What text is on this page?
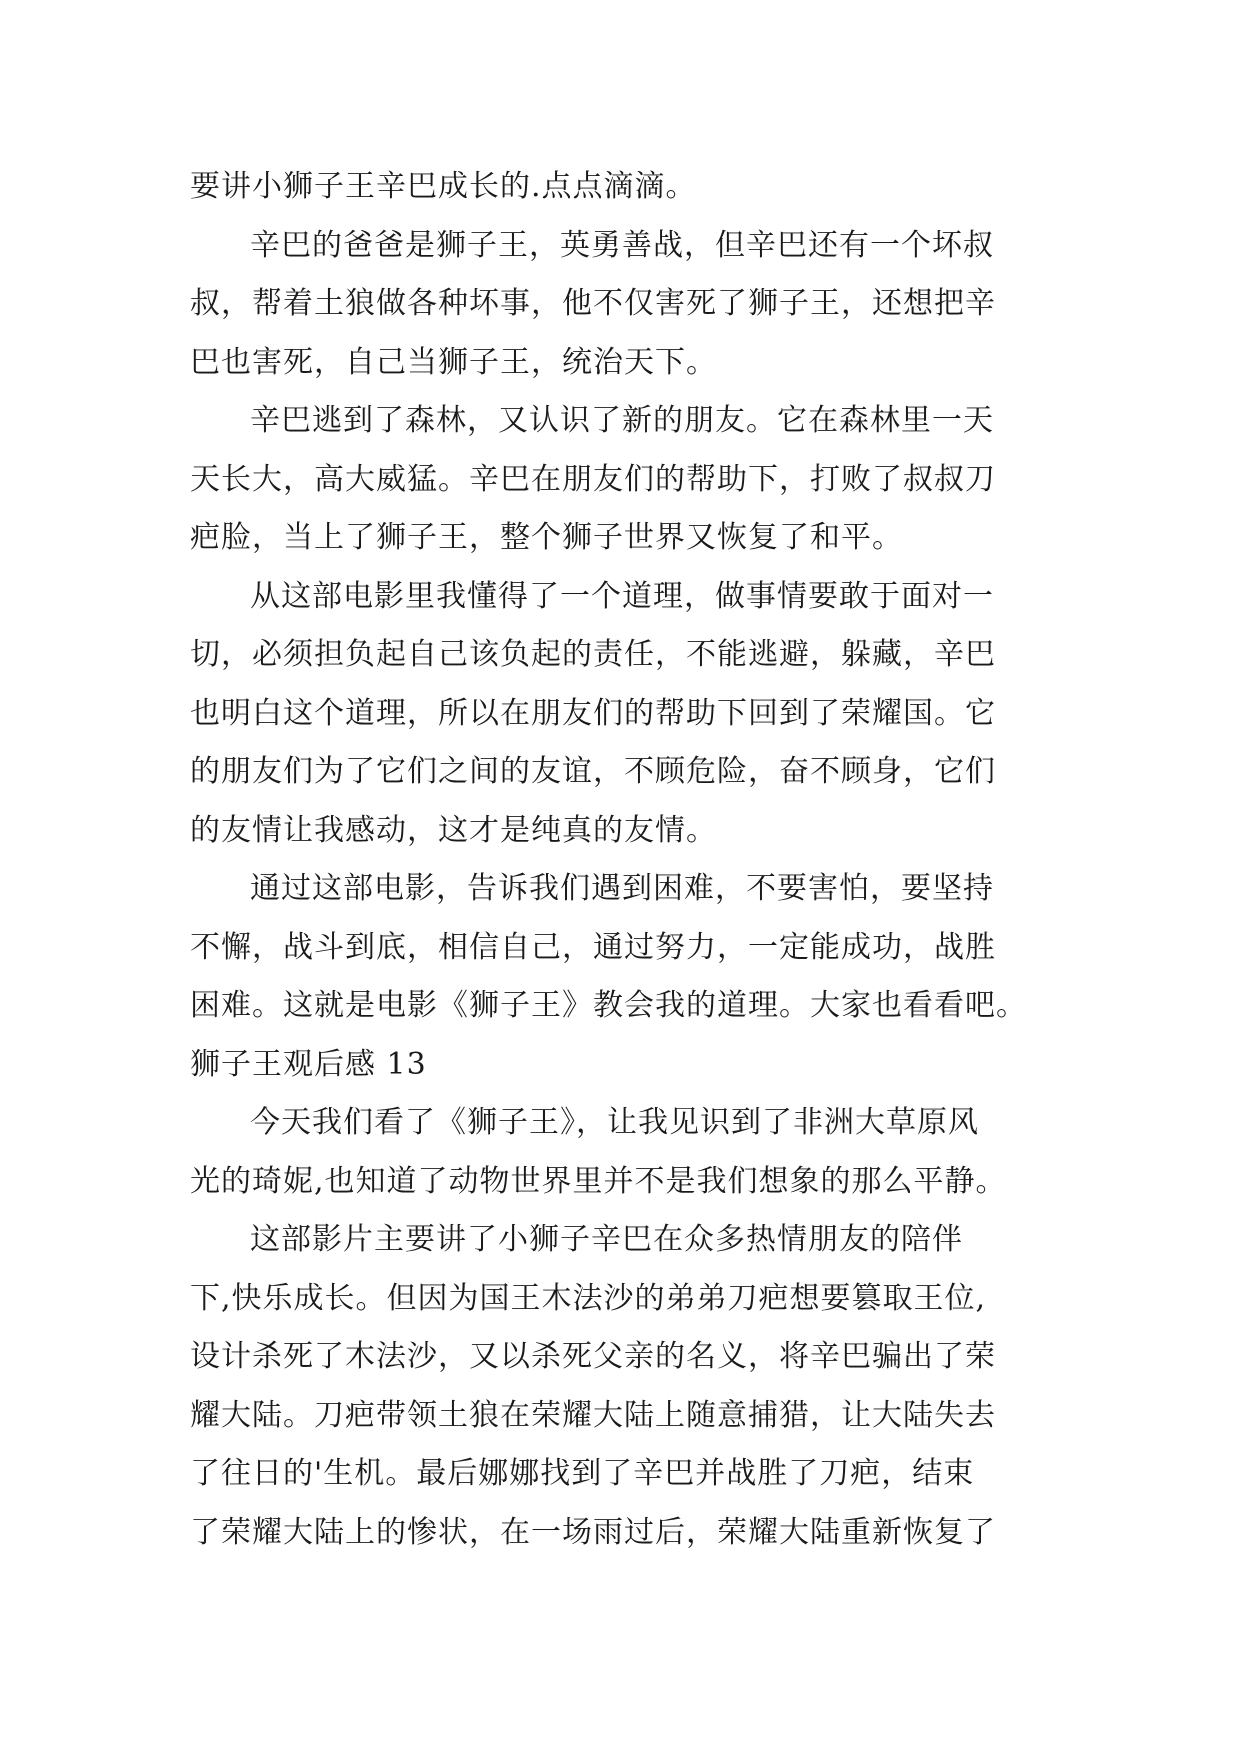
要讲小狮子王辛巴成长的.点点滴滴。
辛巴的爸爸是狮子王，英勇善战，但辛巴还有一个坏叔
叔，帮着土狼做各种坏事，他不仅害死了狮子王，还想把辛
巴也害死，自己当狮子王，统治天下。
辛巴逃到了森林，又认识了新的朋友。它在森林里一天
天长大，高大威猛。辛巴在朋友们的帮助下，打败了叔叔刀
疤脸，当上了狮子王，整个狮子世界又恢复了和平。
从这部电影里我懂得了一个道理，做事情要敢于面对一
切，必须担负起自己该负起的责任，不能逃避，躲藏，辛巴
也明白这个道理，所以在朋友们的帮助下回到了荣耀国。它
的朋友们为了它们之间的友谊，不顾危险，奋不顾身，它们
的友情让我感动，这才是纯真的友情。
通过这部电影，告诉我们遇到困难，不要害怕，要坚持
不懈，战斗到底，相信自己，通过努力，一定能成功，战胜
困难。这就是电影《狮子王》教会我的道理。大家也看看吧。
狮子王观后感 13
今天我们看了《狮子王》，让我见识到了非洲大草原风
光的琦妮,也知道了动物世界里并不是我们想象的那么平静。
这部影片主要讲了小狮子辛巴在众多热情朋友的陪伴
下,快乐成长。但因为国王木法沙的弟弟刀疤想要篡取王位,
设计杀死了木法沙，又以杀死父亲的名义，将辛巴骗出了荣
耀大陆。刀疤带领土狼在荣耀大陆上随意捕猎，让大陆失去
了往日的'生机。最后娜娜找到了辛巴并战胜了刀疤，结束
了荣耀大陆上的惨状，在一场雨过后，荣耀大陆重新恢复了
